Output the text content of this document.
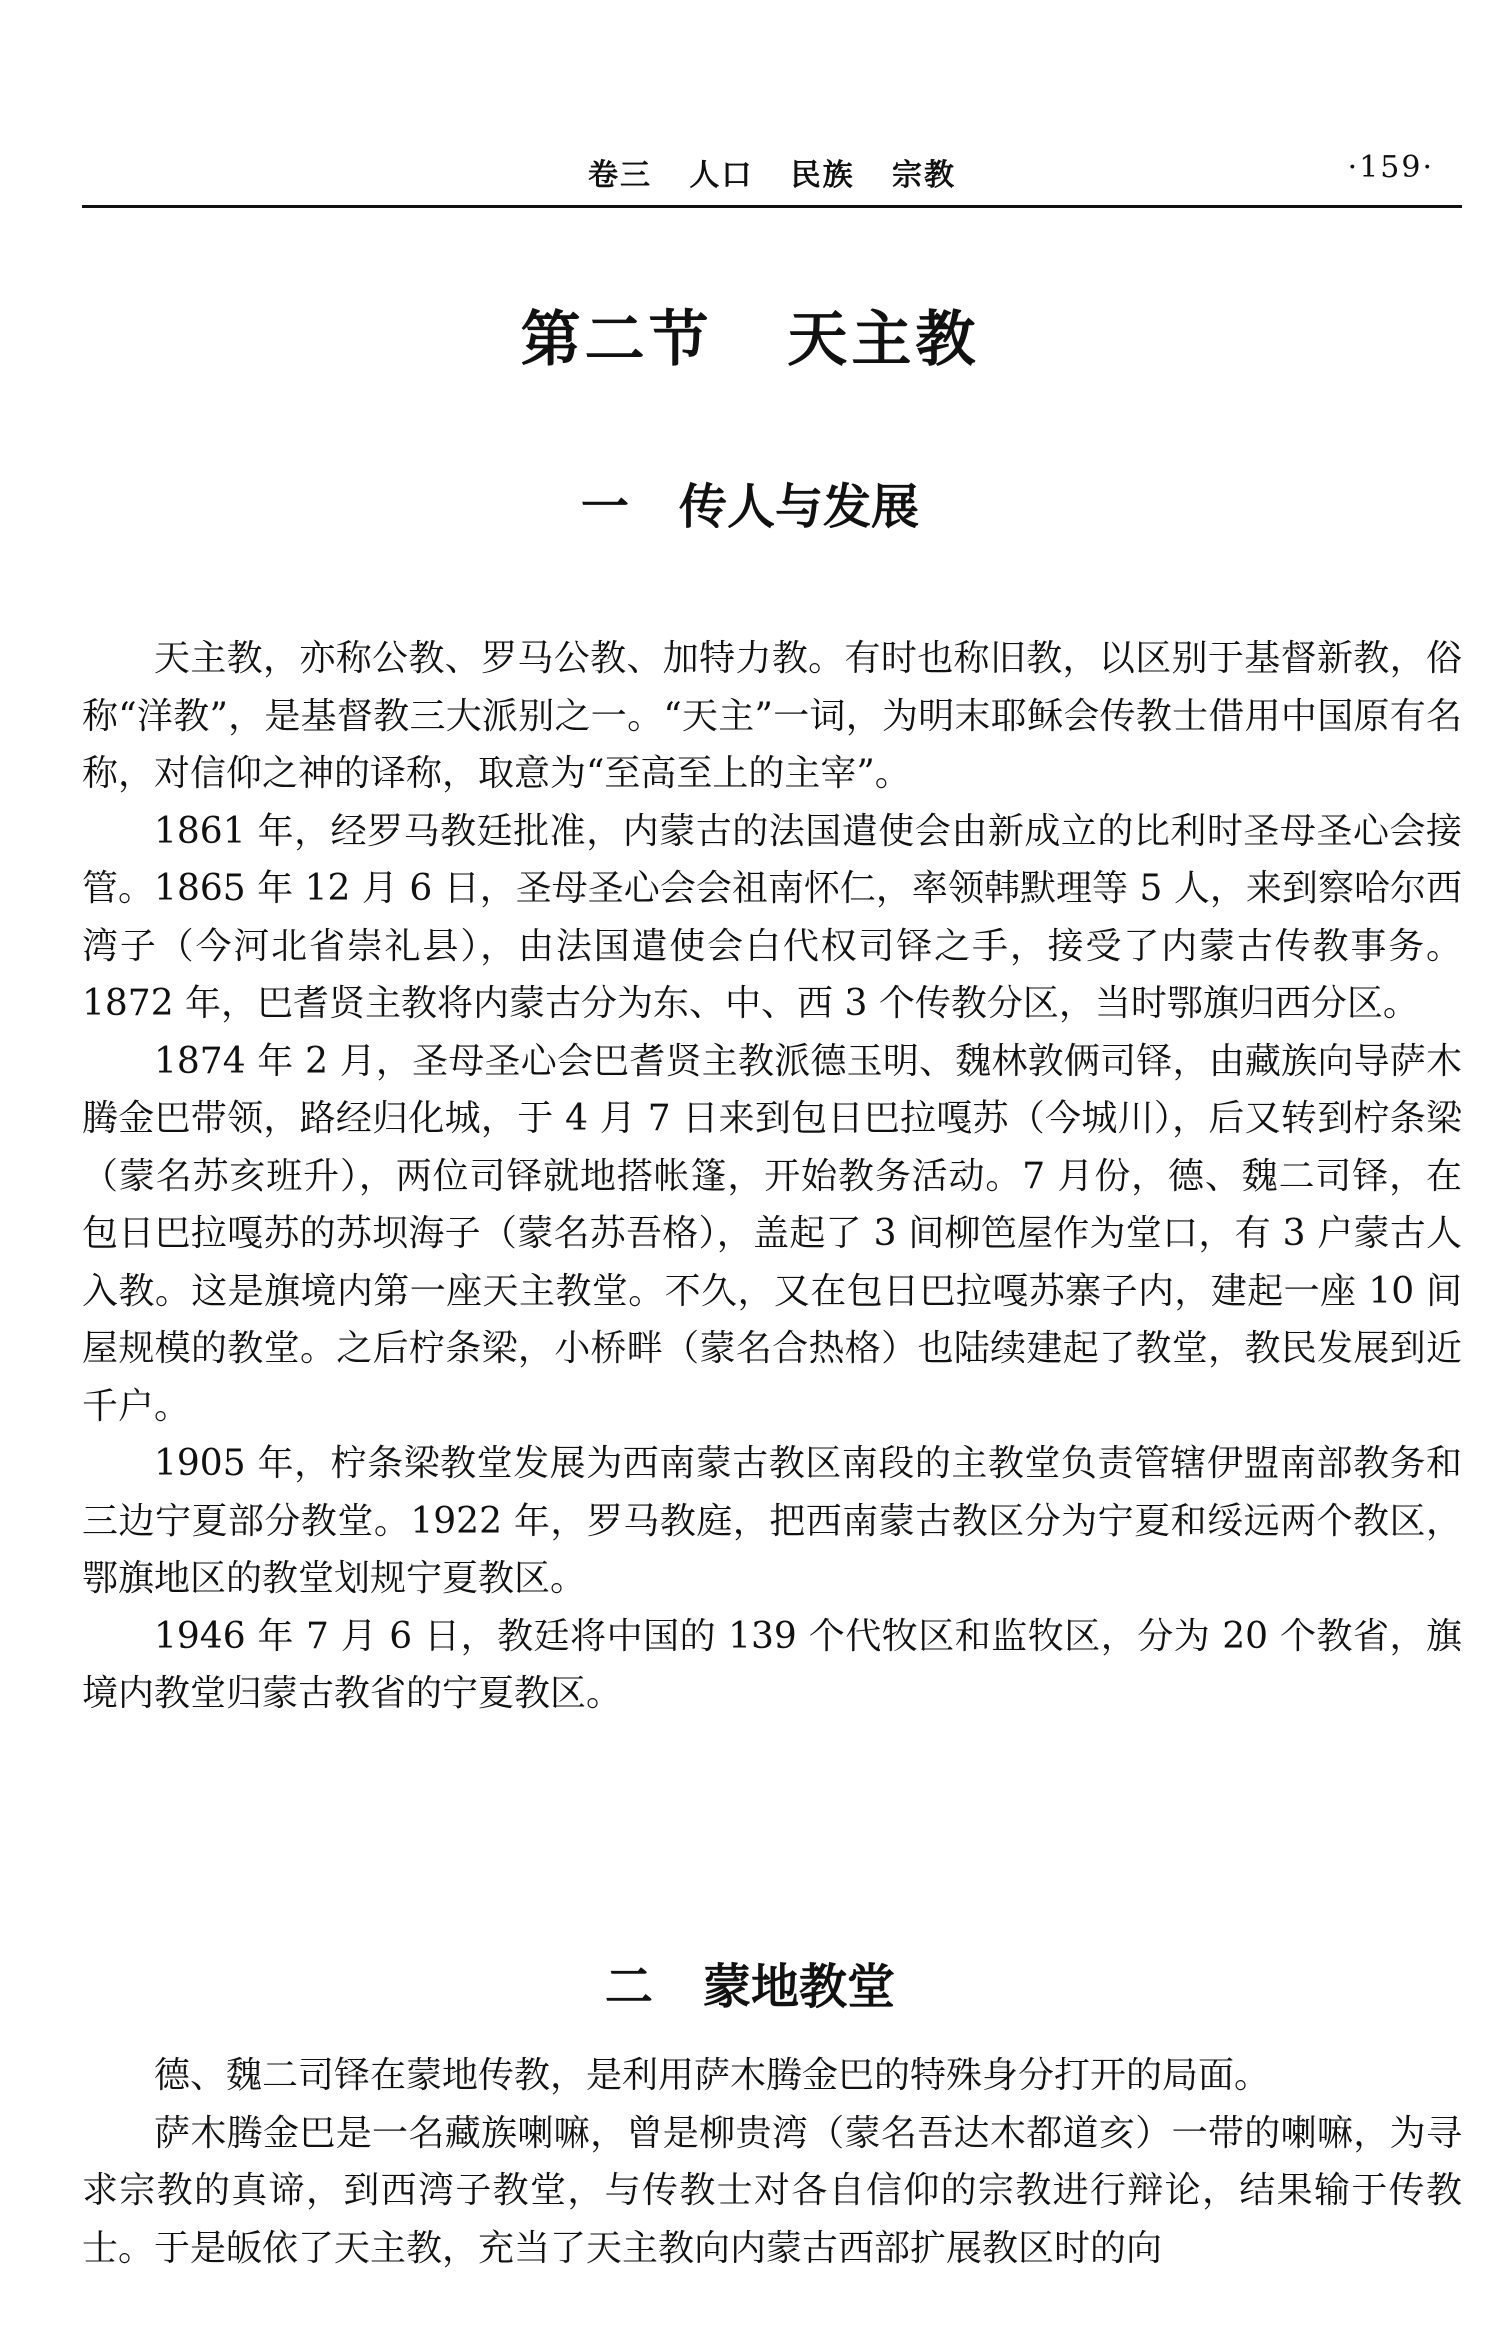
卷三   人口   民族   宗教	·159·
第二节   天主教
一   传人与发展

天主教，亦称公教、罗马公教、加特力教。有时也称旧教，以区别于基督新教，俗称“洋教”，是基督教三大派别之一。“天主”一词，为明末耶稣会传教士借用中国原有名称，对信仰之神的译称，取意为“至高至上的主宰”。

1861 年，经罗马教廷批准，内蒙古的法国遣使会由新成立的比利时圣母圣心会接管。1865 年 12 月 6 日，圣母圣心会会祖南怀仁，率领韩默理等 5 人，来到察哈尔西湾子（今河北省崇礼县），由法国遣使会白代权司铎之手，接受了内蒙古传教事务。1872 年，巴耆贤主教将内蒙古分为东、中、西 3 个传教分区，当时鄂旗归西分区。

1874 年 2 月，圣母圣心会巴耆贤主教派德玉明、魏林敦俩司铎，由藏族向导萨木腾金巴带领，路经归化城，于 4 月 7 日来到包日巴拉嘎苏（今城川），后又转到柠条梁（蒙名苏亥班升），两位司铎就地搭帐篷，开始教务活动。7 月份，德、魏二司铎，在包日巴拉嘎苏的苏坝海子（蒙名苏吾格），盖起了 3 间柳笆屋作为堂口，有 3 户蒙古人入教。这是旗境内第一座天主教堂。不久，又在包日巴拉嘎苏寨子内，建起一座 10 间屋规模的教堂。之后柠条梁，小桥畔（蒙名合热格）也陆续建起了教堂，教民发展到近千户。

1905 年，柠条梁教堂发展为西南蒙古教区南段的主教堂负责管辖伊盟南部教务和三边宁夏部分教堂。1922 年，罗马教庭，把西南蒙古教区分为宁夏和绥远两个教区，鄂旗地区的教堂划规宁夏教区。

1946 年 7 月 6 日，教廷将中国的 139 个代牧区和监牧区，分为 20 个教省，旗境内教堂归蒙古教省的宁夏教区。

二   蒙地教堂

德、魏二司铎在蒙地传教，是利用萨木腾金巴的特殊身分打开的局面。

萨木腾金巴是一名藏族喇嘛，曾是柳贵湾（蒙名吾达木都道亥）一带的喇嘛，为寻求宗教的真谛，到西湾子教堂，与传教士对各自信仰的宗教进行辩论，结果输于传教士。于是皈依了天主教，充当了天主教向内蒙古西部扩展教区时的向
